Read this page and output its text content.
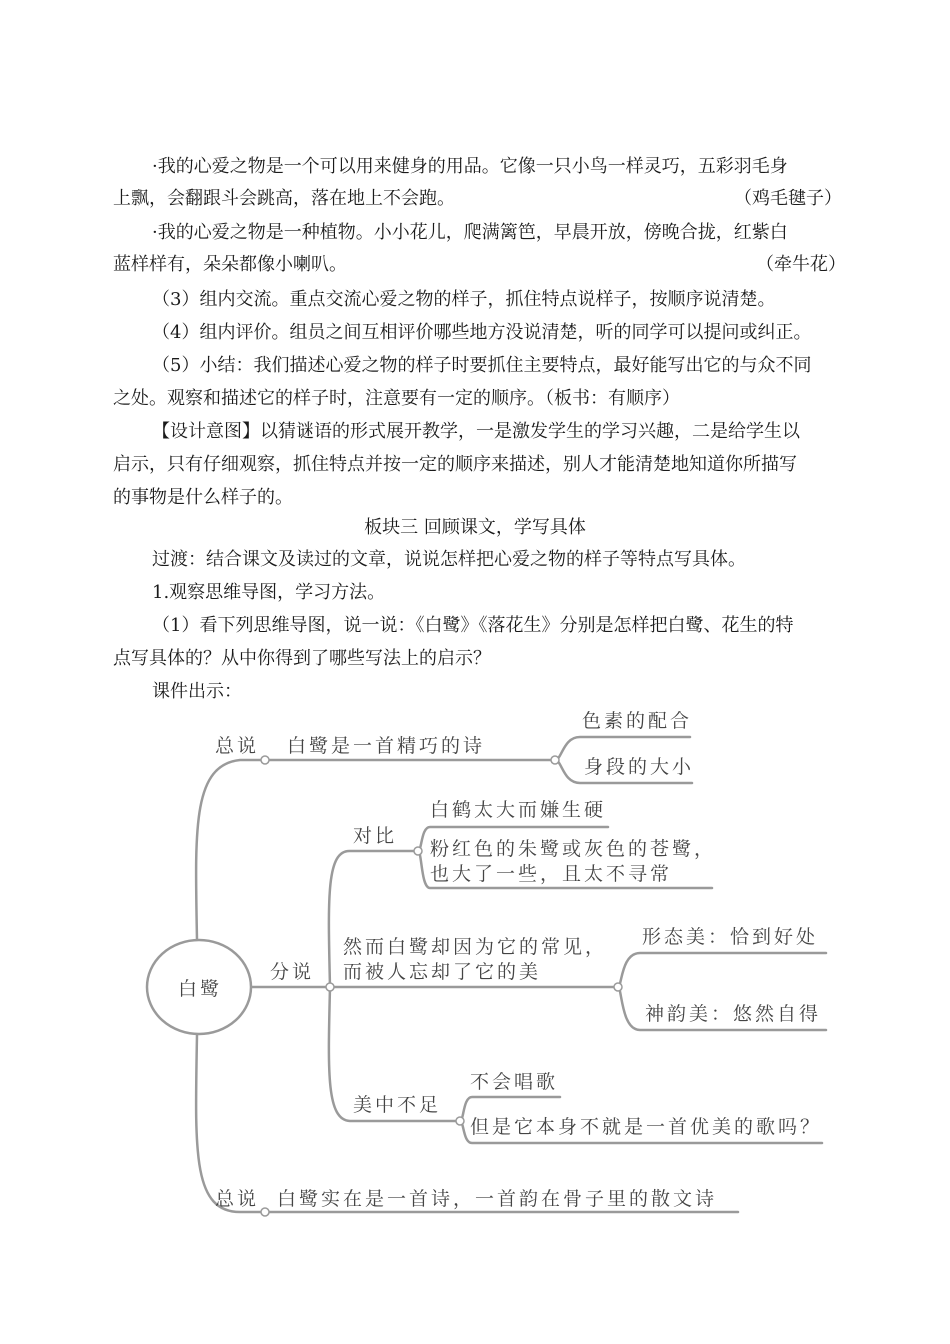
·我的心爱之物是一个可以用来健身的用品。它像一只小鸟一样灵巧，五彩羽毛身
上飘，会翻跟斗会跳高，落在地上不会跑。	（鸡毛毽子）
·我的心爱之物是一种植物。小小花儿，爬满篱笆，早晨开放，傍晚合拢，红紫白
蓝样样有，朵朵都像小喇叭。	（牵牛花）
（3）组内交流。重点交流心爱之物的样子，抓住特点说样子，按顺序说清楚。
（4）组内评价。组员之间互相评价哪些地方没说清楚，听的同学可以提问或纠正。
（5）小结：我们描述心爱之物的样子时要抓住主要特点，最好能写出它的与众不同
之处。观察和描述它的样子时，注意要有一定的顺序。（板书：有顺序）
【设计意图】以猜谜语的形式展开教学，一是激发学生的学习兴趣，二是给学生以
启示，只有仔细观察，抓住特点并按一定的顺序来描述，别人才能清楚地知道你所描写
的事物是什么样子的。
板块三 回顾课文，学写具体
过渡：结合课文及读过的文章，说说怎样把心爱之物的样子等特点写具体。
1.观察思维导图，学习方法。
（1）看下列思维导图，说一说：《白鹭》《落花生》分别是怎样把白鹭、花生的特
点写具体的？从中你得到了哪些写法上的启示？
课件出示：
白鹭
总说 白鹭是一首精巧的诗
色素的配合
身段的大小
分说
对比
白鹤太大而嫌生硬
粉红色的朱鹭或灰色的苍鹭，
也大了一些，且太不寻常
然而白鹭却因为它的常见，
而被人忘却了它的美
形态美：恰到好处
神韵美：悠然自得
美中不足
不会唱歌
但是它本身不就是一首优美的歌吗？
总说 白鹭实在是一首诗，一首韵在骨子里的散文诗
